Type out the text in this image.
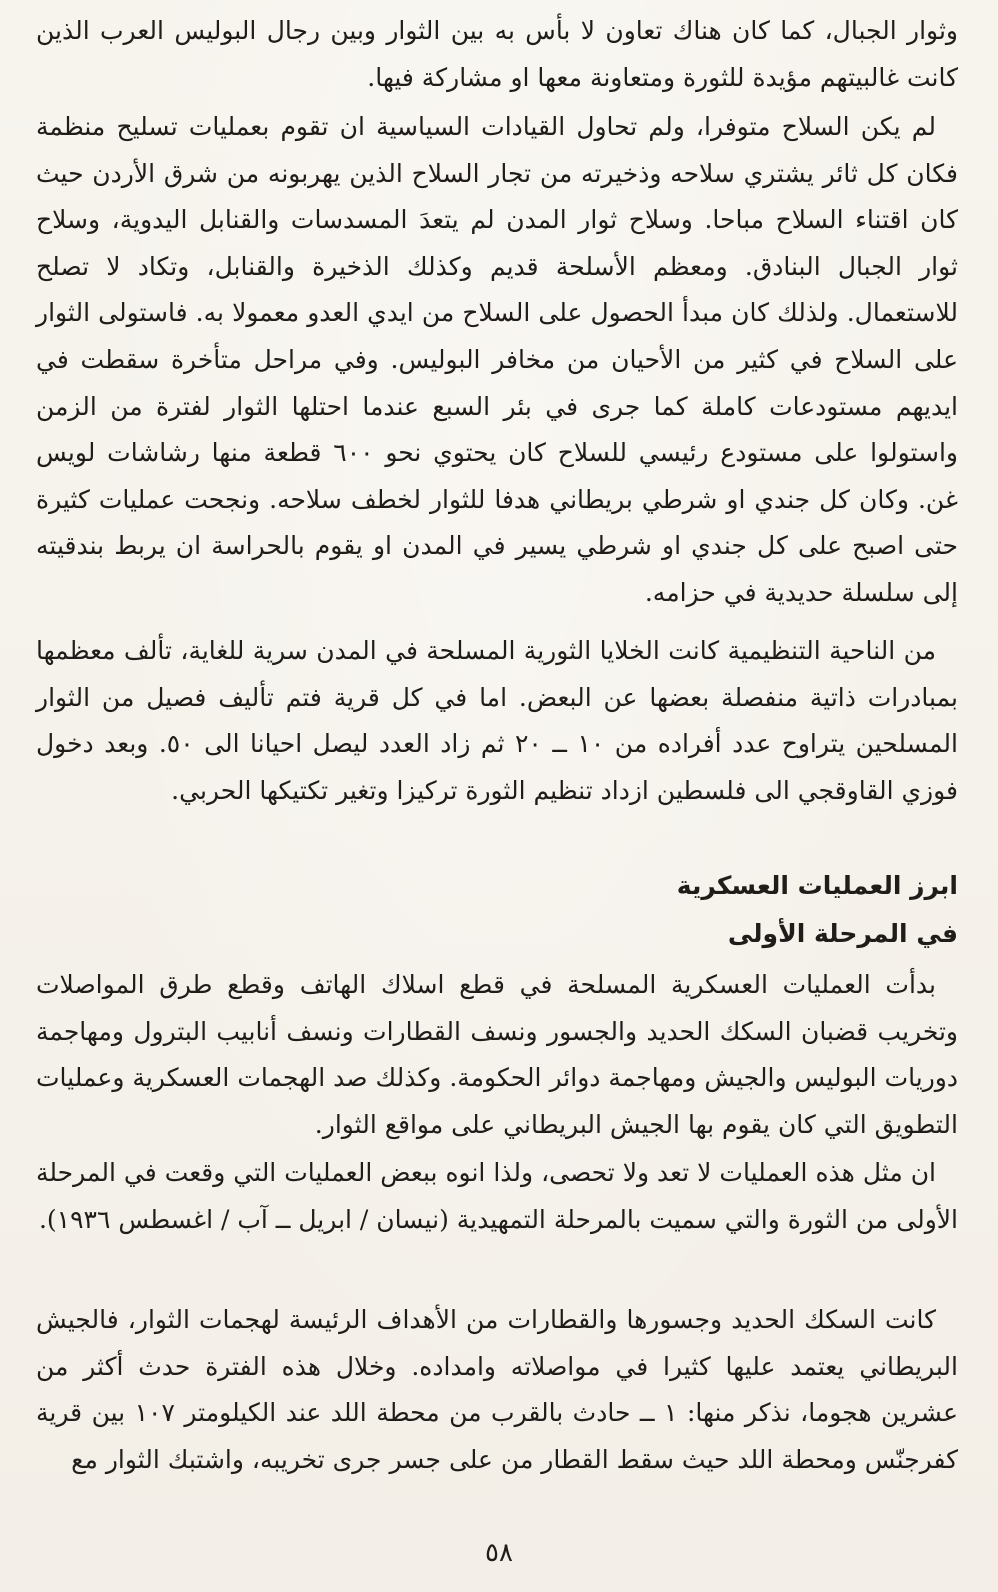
وثوار الجبال، كما كان هناك تعاون لا بأس به بين الثوار وبين رجال البوليس العرب الذين كانت غالبيتهم مؤيدة للثورة ومتعاونة معها او مشاركة فيها.

لم يكن السلاح متوفرا، ولم تحاول القيادات السياسية ان تقوم بعمليات تسليح منظمة فكان كل ثائر يشتري سلاحه وذخيرته من تجار السلاح الذين يهربونه من شرق الأردن حيث كان اقتناء السلاح مباحا. وسلاح ثوار المدن لم يتعدَ المسدسات والقنابل اليدوية، وسلاح ثوار الجبال البنادق. ومعظم الأسلحة قديم وكذلك الذخيرة والقنابل، وتكاد لا تصلح للاستعمال. ولذلك كان مبدأ الحصول على السلاح من ايدي العدو معمولا به. فاستولى الثوار على السلاح في كثير من الأحيان من مخافر البوليس. وفي مراحل متأخرة سقطت في ايديهم مستودعات كاملة كما جرى في بئر السبع عندما احتلها الثوار لفترة من الزمن واستولوا على مستودع رئيسي للسلاح كان يحتوي نحو ٦٠٠ قطعة منها رشاشات لويس غن. وكان كل جندي او شرطي بريطاني هدفا للثوار لخطف سلاحه. ونجحت عمليات كثيرة حتى اصبح على كل جندي او شرطي يسير في المدن او يقوم بالحراسة ان يربط بندقيته إلى سلسلة حديدية في حزامه.

من الناحية التنظيمية كانت الخلايا الثورية المسلحة في المدن سرية للغاية، تألف معظمها بمبادرات ذاتية منفصلة بعضها عن البعض. اما في كل قرية فتم تأليف فصيل من الثوار المسلحين يتراوح عدد أفراده من ١٠ ــ ٢٠ ثم زاد العدد ليصل احيانا الى ٥٠. وبعد دخول فوزي القاوقجي الى فلسطين ازداد تنظيم الثورة تركيزا وتغير تكتيكها الحربي.

ابرز العمليات العسكرية
في المرحلة الأولى

بدأت العمليات العسكرية المسلحة في قطع اسلاك الهاتف وقطع طرق المواصلات وتخريب قضبان السكك الحديد والجسور ونسف القطارات ونسف أنابيب البترول ومهاجمة دوريات البوليس والجيش ومهاجمة دوائر الحكومة. وكذلك صد الهجمات العسكرية وعمليات التطويق التي كان يقوم بها الجيش البريطاني على مواقع الثوار.

ان مثل هذه العمليات لا تعد ولا تحصى، ولذا انوه ببعض العمليات التي وقعت في المرحلة الأولى من الثورة والتي سميت بالمرحلة التمهيدية (نيسان / ابريل ــ آب / اغسطس ١٩٣٦).

كانت السكك الحديد وجسورها والقطارات من الأهداف الرئيسة لهجمات الثوار، فالجيش البريطاني يعتمد عليها كثيرا في مواصلاته وامداده. وخلال هذه الفترة حدث أكثر من عشرين هجوما، نذكر منها: ١ ــ حادث بالقرب من محطة اللد عند الكيلومتر ١٠٧ بين قرية كفرجنّس ومحطة اللد حيث سقط القطار من على جسر جرى تخريبه، واشتبك الثوار مع

٥٨
